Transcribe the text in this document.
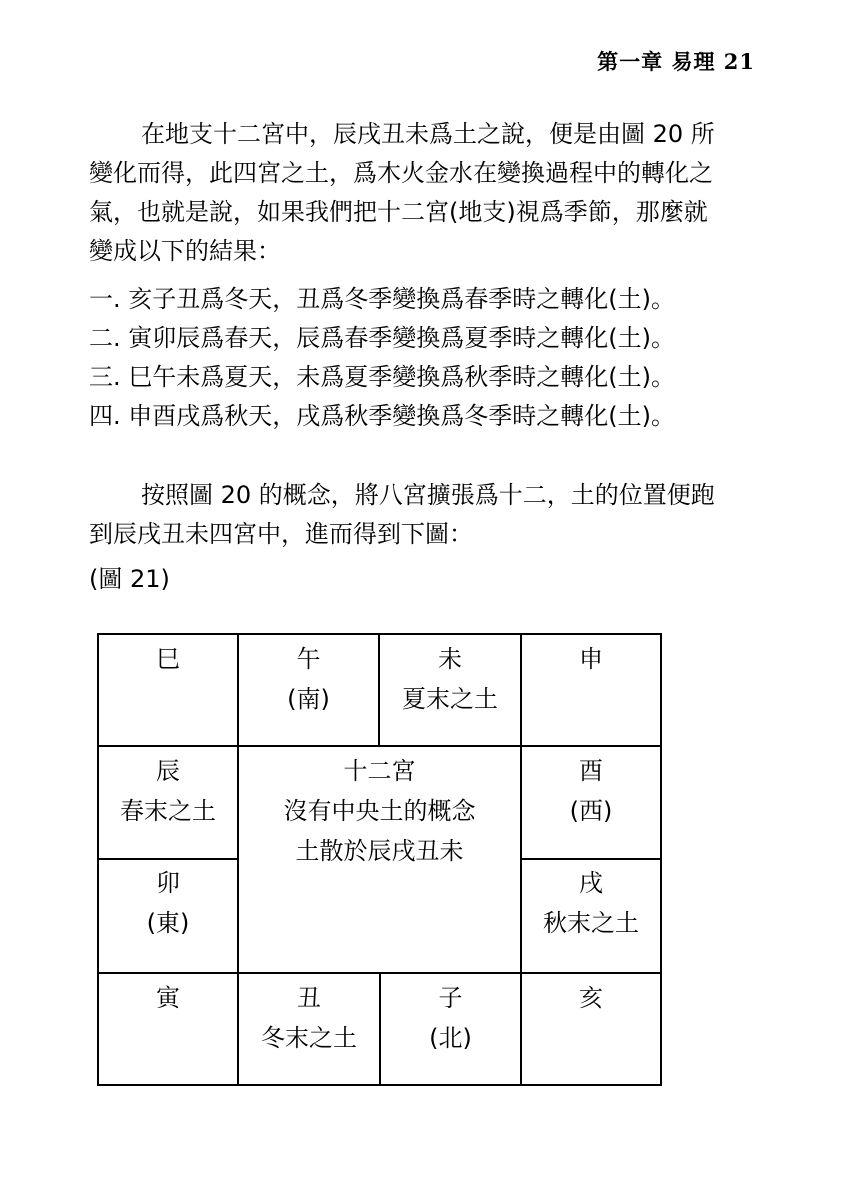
第一章 易理 21
在地支十二宮中，辰戌丑未爲土之說，便是由圖 20 所
變化而得，此四宮之土，爲木火金水在變換過程中的轉化之
氣，也就是說，如果我們把十二宮(地支)視爲季節，那麼就
變成以下的結果：
一. 亥子丑爲冬天，丑爲冬季變換爲春季時之轉化(土)。
二. 寅卯辰爲春天，辰爲春季變換爲夏季時之轉化(土)。
三. 巳午未爲夏天，未爲夏季變換爲秋季時之轉化(土)。
四. 申酉戌爲秋天，戌爲秋季變換爲冬季時之轉化(土)。
按照圖 20 的概念，將八宮擴張爲十二，土的位置便跑
到辰戌丑未四宮中，進而得到下圖：
(圖 21)
巳	午
(南)
未
夏末之土
申
辰
春末之土
卯
(東)
十二宮
沒有中央土的概念
土散於辰戌丑未
酉
(西)
戌
秋末之土
寅	丑
冬末之土
子
(北)
亥
